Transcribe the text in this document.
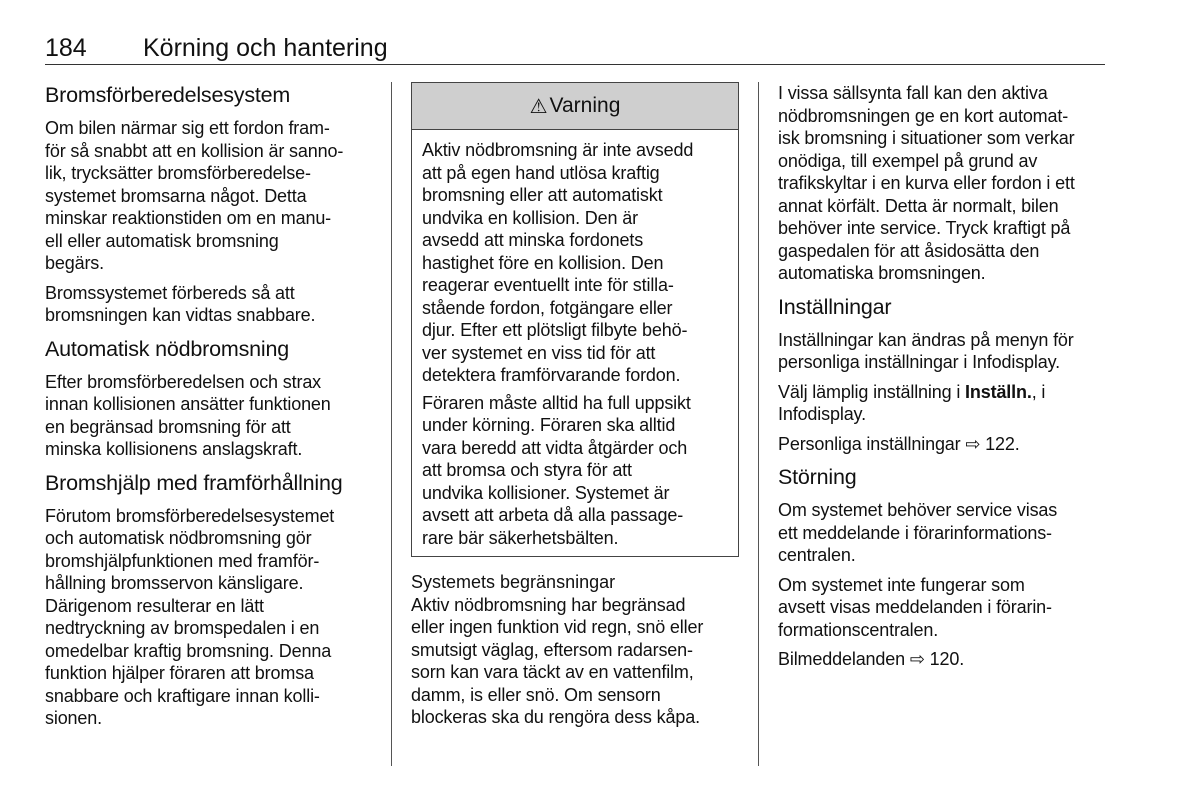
184 Körning och hantering
Bromsförberedelsesystem

Om bilen närmar sig ett fordon fram-
för så snabbt att en kollision är sanno-
lik, trycksätter bromsförberedelse-
systemet bromsarna något. Detta
minskar reaktionstiden om en manu-
ell eller automatisk bromsning
begärs.

Bromssystemet förbereds så att
bromsningen kan vidtas snabbare.

Automatisk nödbromsning

Efter bromsförberedelsen och strax
innan kollisionen ansätter funktionen
en begränsad bromsning för att
minska kollisionens anslagskraft.

Bromshjälp med framförhållning

Förutom bromsförberedelsesystemet
och automatisk nödbromsning gör
bromshjälpfunktionen med framför-
hållning bromsservon känsligare.
Därigenom resulterar en lätt
nedtryckning av bromspedalen i en
omedelbar kraftig bromsning. Denna
funktion hjälper föraren att bromsa
snabbare och kraftigare innan kolli-
sionen.

⚠ Varning

Aktiv nödbromsning är inte avsedd
att på egen hand utlösa kraftig
bromsning eller att automatiskt
undvika en kollision. Den är
avsedd att minska fordonets
hastighet före en kollision. Den
reagerar eventuellt inte för stilla-
stående fordon, fotgängare eller
djur. Efter ett plötsligt filbyte behö-
ver systemet en viss tid för att
detektera framförvarande fordon.

Föraren måste alltid ha full uppsikt
under körning. Föraren ska alltid
vara beredd att vidta åtgärder och
att bromsa och styra för att
undvika kollisioner. Systemet är
avsett att arbeta då alla passage-
rare bär säkerhetsbälten.

Systemets begränsningar

Aktiv nödbromsning har begränsad
eller ingen funktion vid regn, snö eller
smutsigt väglag, eftersom radarsen-
sorn kan vara täckt av en vattenfilm,
damm, is eller snö. Om sensorn
blockeras ska du rengöra dess kåpa.

I vissa sällsynta fall kan den aktiva
nödbromsningen ge en kort automat-
isk bromsning i situationer som verkar
onödiga, till exempel på grund av
trafikskyltar i en kurva eller fordon i ett
annat körfält. Detta är normalt, bilen
behöver inte service. Tryck kraftigt på
gaspedalen för att åsidosätta den
automatiska bromsningen.

Inställningar

Inställningar kan ändras på menyn för
personliga inställningar i Infodisplay.

Välj lämplig inställning i Inställn., i
Infodisplay.

Personliga inställningar ⇨ 122.

Störning

Om systemet behöver service visas
ett meddelande i förarinformations-
centralen.

Om systemet inte fungerar som
avsett visas meddelanden i förarin-
formationscentralen.

Bilmeddelanden ⇨ 120.
